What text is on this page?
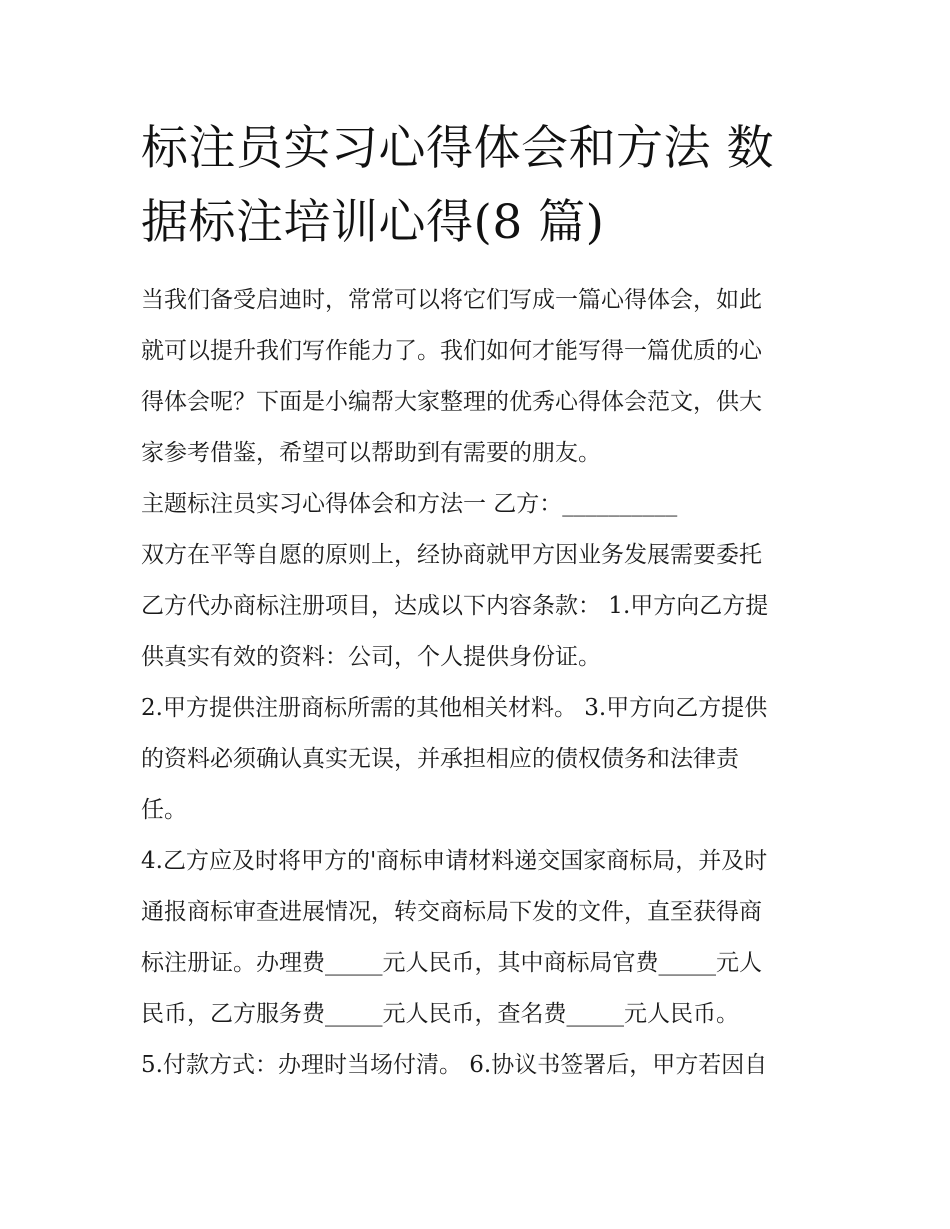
标注员实习心得体会和方法 数
据标注培训心得(8 篇)

当我们备受启迪时，常常可以将它们写成一篇心得体会，如此
就可以提升我们写作能力了。我们如何才能写得一篇优质的心
得体会呢？下面是小编帮大家整理的优秀心得体会范文，供大
家参考借鉴，希望可以帮助到有需要的朋友。

主题标注员实习心得体会和方法一 乙方：__________

双方在平等自愿的原则上，经协商就甲方因业务发展需要委托
乙方代办商标注册项目，达成以下内容条款： 1.甲方向乙方提
供真实有效的资料：公司，个人提供身份证。

2.甲方提供注册商标所需的其他相关材料。 3.甲方向乙方提供
的资料必须确认真实无误，并承担相应的债权债务和法律责
任。

4.乙方应及时将甲方的'商标申请材料递交国家商标局，并及时
通报商标审查进展情况，转交商标局下发的文件，直至获得商
标注册证。办理费_____元人民币，其中商标局官费_____元人
民币，乙方服务费_____元人民币，查名费_____元人民币。

5.付款方式：办理时当场付清。 6.协议书签署后，甲方若因自
